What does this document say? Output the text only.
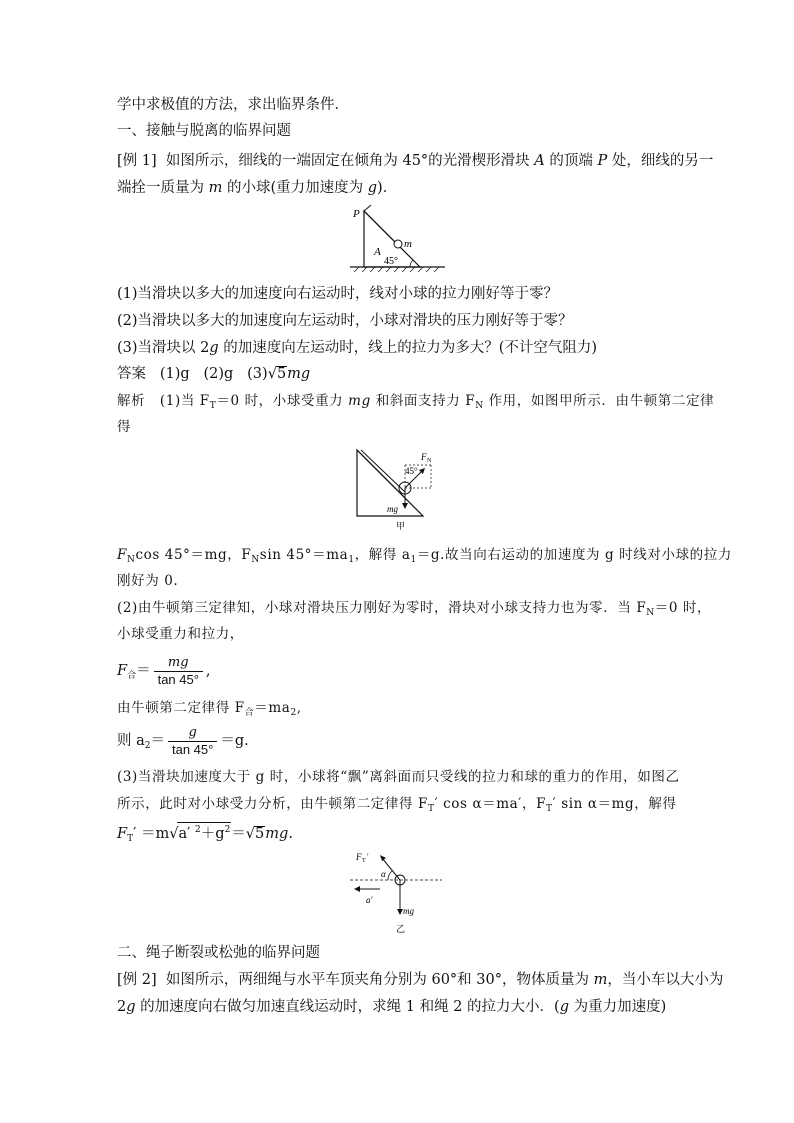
学中求极值的方法，求出临界条件．
一、接触与脱离的临界问题
[例 1] 如图所示，细线的一端固定在倾角为 45°的光滑楔形滑块 A 的顶端 P 处，细线的另一
端拴一质量为 m 的小球(重力加速度为 g)．
P
A
m
45°
(1)当滑块以多大的加速度向右运动时，线对小球的拉力刚好等于零？
(2)当滑块以多大的加速度向左运动时，小球对滑块的压力刚好等于零？
(3)当滑块以 2g 的加速度向左运动时，线上的拉力为多大？(不计空气阻力)
答案 (1)g (2)g (3)√5mg
解析 (1)当 $F_T=0$ 时，小球受重力 mg 和斜面支持力 $F_N$ 作用，如图甲所示．由牛顿第二定律
得
F N
45°
mg
甲
$F_N\cos$ 45°＝mg，$F_N\sin$ $45^\circ=ma_1$，解得 $a_1=g$.故当向右运动的加速度为 g 时线对小球的拉力
刚好为 0.
(2)由牛顿第三定律知，小球对滑块压力刚好为零时，滑块对小球支持力也为零．当 $F_N=0$ 时，
小球受重力和拉力，
$F_合= \frac{mg}{\tan 45^\circ}$ ,
由牛顿第二定律得 $F_合=ma_2$,
则 $a_2= \frac{g}{\tan 45^\circ} =g$.
(3)当滑块加速度大于 g 时，小球将“飘”离斜面而只受线的拉力和球的重力的作用，如图乙
所示，此时对小球受力分析，由牛顿第二定律得 $F_T'$ cos α＝ma′，$F_T'$ sin α＝mg，解得
$F_T' =m√a'$ $^2+g^2=√5mg$.
F T ′
α
a′
mg
乙
二、绳子断裂或松弛的临界问题
[例 2] 如图所示，两细绳与水平车顶夹角分别为 60°和 30°，物体质量为 m，当小车以大小为
2g 的加速度向右做匀加速直线运动时，求绳 1 和绳 2 的拉力大小．(g 为重力加速度)
